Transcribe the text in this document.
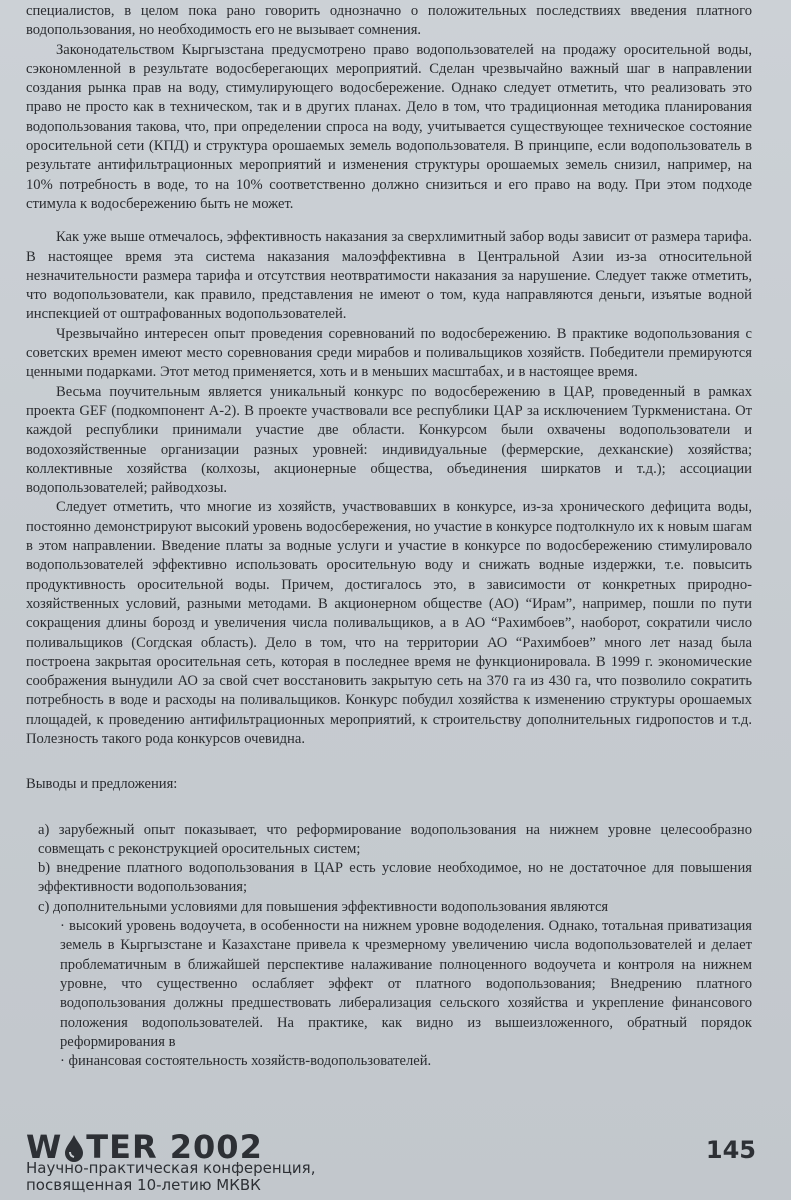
специалистов, в целом пока рано говорить однозначно о положительных последствиях введения платного водопользования, но необходимость его не вызывает сомнения.

Законодательством Кыргызстана предусмотрено право водопользователей на продажу оросительной воды, сэкономленной в результате водосберегающих мероприятий. Сделан чрезвычайно важный шаг в направлении создания рынка прав на воду, стимулирующего водосбережение. Однако следует отметить, что реализовать это право не просто как в техническом, так и в других планах. Дело в том, что традиционная методика планирования водопользования такова, что, при определении спроса на воду, учитывается существующее техническое состояние оросительной сети (КПД) и структура орошаемых земель водопользователя. В принципе, если водопользователь в результате антифильтрационных мероприятий и изменения структуры орошаемых земель снизил, например, на 10% потребность в воде, то на 10% соответственно должно снизиться и его право на воду. При этом подходе стимула к водосбережению быть не может.

Как уже выше отмечалось, эффективность наказания за сверхлимитный забор воды зависит от размера тарифа. В настоящее время эта система наказания малоэффективна в Центральной Азии из-за относительной незначительности размера тарифа и отсутствия неотвратимости наказания за нарушение. Следует также отметить, что водопользователи, как правило, представления не имеют о том, куда направляются деньги, изъятые водной инспекцией от оштрафованных водопользователей.

Чрезвычайно интересен опыт проведения соревнований по водосбережению. В практике водопользования с советских времен имеют место соревнования среди мирабов и поливальщиков хозяйств. Победители премируются ценными подарками. Этот метод применяется, хоть и в меньших масштабах, и в настоящее время.

Весьма поучительным является уникальный конкурс по водосбережению в ЦАР, проведенный в рамках проекта GEF (подкомпонент А-2). В проекте участвовали все республики ЦАР за исключением Туркменистана. От каждой республики принимали участие две области. Конкурсом были охвачены водопользователи и водохозяйственные организации разных уровней: индивидуальные (фермерские, дехканские) хозяйства; коллективные хозяйства (колхозы, акционерные общества, объединения ширкатов и т.д.); ассоциации водопользователей; райводхозы.

Следует отметить, что многие из хозяйств, участвовавших в конкурсе, из-за хронического дефицита воды, постоянно демонстрируют высокий уровень водосбережения, но участие в конкурсе подтолкнуло их к новым шагам в этом направлении. Введение платы за водные услуги и участие в конкурсе по водосбережению стимулировало водопользователей эффективно использовать оросительную воду и снижать водные издержки, т.е. повысить продуктивность оросительной воды. Причем, достигалось это, в зависимости от конкретных природно-хозяйственных условий, разными методами. В акционерном обществе (АО) “Ирам”, например, пошли по пути сокращения длины борозд и увеличения числа поливальщиков, а в АО “Рахимбоев”, наоборот, сократили число поливальщиков (Согдская область). Дело в том, что на территории АО “Рахимбоев” много лет назад была построена закрытая оросительная сеть, которая в последнее время не функционировала. В 1999 г. экономические соображения вынудили АО за свой счет восстановить закрытую сеть на 370 га из 430 га, что позволило сократить потребность в воде и расходы на поливальщиков. Конкурс побудил хозяйства к изменению структуры орошаемых площадей, к проведению антифильтрационных мероприятий, к строительству дополнительных гидропостов и т.д. Полезность такого рода конкурсов очевидна.

Выводы и предложения:

а) зарубежный опыт показывает, что реформирование водопользования на нижнем уровне целесообразно совмещать с реконструкцией оросительных систем;

b) внедрение платного водопользования в ЦАР есть условие необходимое, но не достаточное для повышения эффективности водопользования;

c) дополнительными условиями для повышения эффективности водопользования являются

· высокий уровень водоучета, в особенности на нижнем уровне вододеления. Однако, тотальная приватизация земель в Кыргызстане и Казахстане привела к чрезмерному увеличению числа водопользователей и делает проблематичным в ближайшей перспективе налаживание полноценного водоучета и контроля на нижнем уровне, что существенно ослабляет эффект от платного водопользования; Внедрению платного водопользования должны предшествовать либерализация сельского хозяйства и укрепление финансового положения водопользователей. На практике, как видно из вышеизложенного, обратный порядок реформирования в

· финансовая состоятельность хозяйств-водопользователей.

W TER 2002
Научно-практическая конференция,
посвященная 10-летию МКВК
145
